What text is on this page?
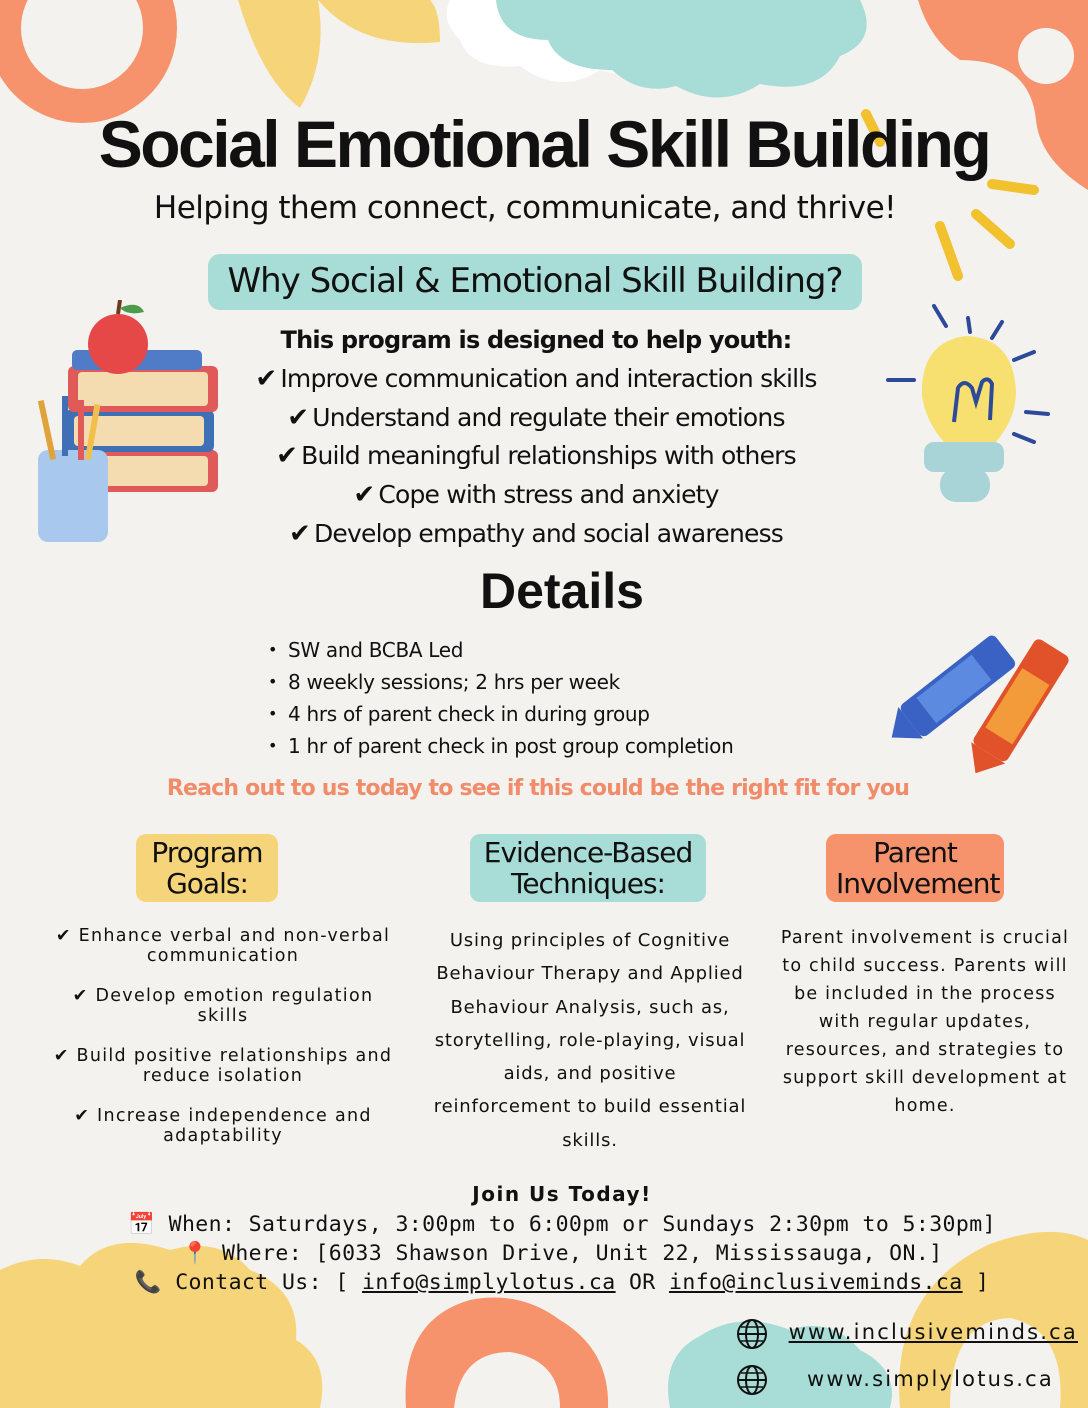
Social Emotional Skill Building
Helping them connect, communicate, and thrive!
Why Social & Emotional Skill Building?
This program is designed to help youth:
✔ Improve communication and interaction skills
✔ Understand and regulate their emotions
✔ Build meaningful relationships with others
✔ Cope with stress and anxiety
✔ Develop empathy and social awareness
Details
• SW and BCBA Led
• 8 weekly sessions; 2 hrs per week
• 4 hrs of parent check in during group
• 1 hr of parent check in post group completion
Reach out to us today to see if this could be the right fit for you
Program
Goals:
Evidence-Based
Techniques:
Parent
Involvement
✔ Enhance verbal and non-verbal communication
✔ Develop emotion regulation skills
✔ Build positive relationships and reduce isolation
✔ Increase independence and adaptability
Using principles of Cognitive Behaviour Therapy and Applied Behaviour Analysis, such as, storytelling, role-playing, visual aids, and positive reinforcement to build essential skills.
Parent involvement is crucial to child success. Parents will be included in the process with regular updates, resources, and strategies to support skill development at home.
Join Us Today!
📅 When: Saturdays, 3:00pm to 6:00pm or Sundays 2:30pm to 5:30pm]
📍 Where: [6033 Shawson Drive, Unit 22, Mississauga, ON.]
📞 Contact Us: [ info@simplylotus.ca OR info@inclusiveminds.ca ]
www.inclusiveminds.ca
www.simplylotus.ca
